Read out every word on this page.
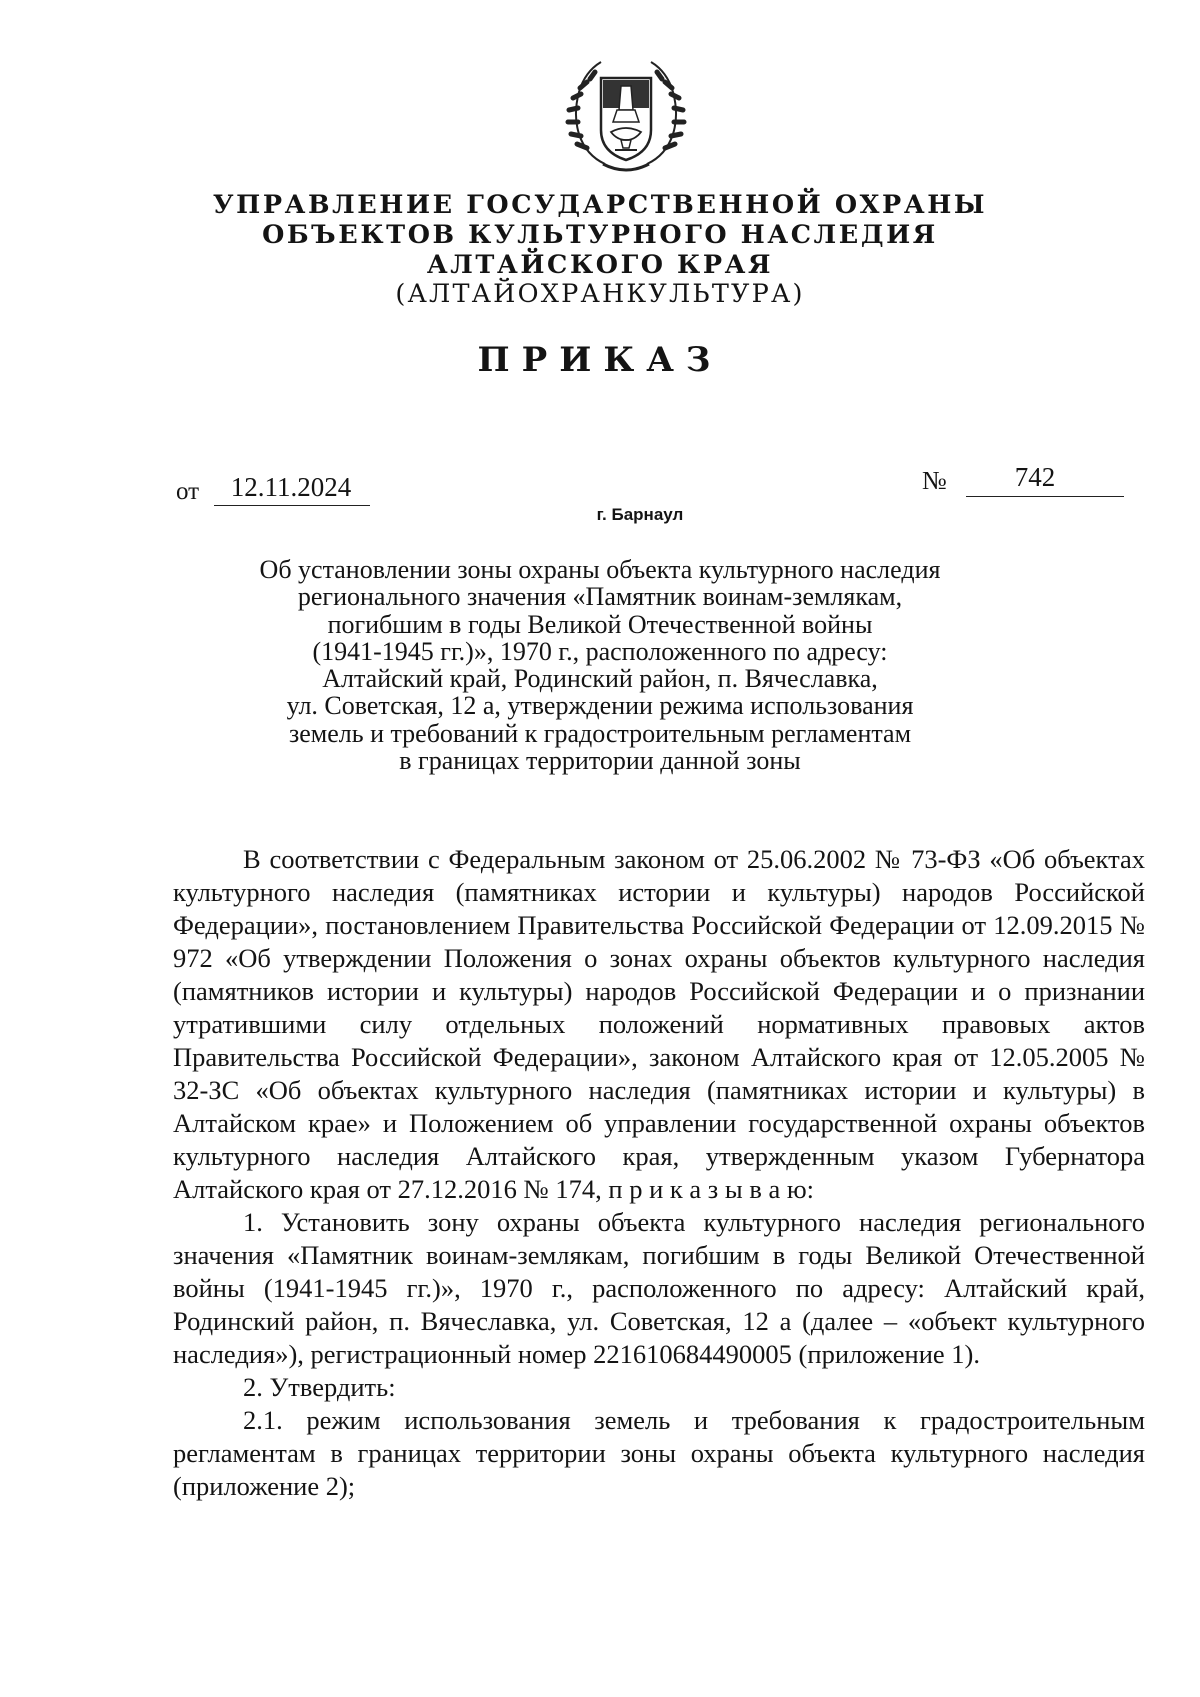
УПРАВЛЕНИЕ ГОСУДАРСТВЕННОЙ ОХРАНЫ
ОБЪЕКТОВ КУЛЬТУРНОГО НАСЛЕДИЯ
АЛТАЙСКОГО КРАЯ
(АЛТАЙОХРАНКУЛЬТУРА)
ПРИКАЗ
от	12.11.2024	№	742
г. Барнаул
Об установлении зоны охраны объекта культурного наследия
регионального значения «Памятник воинам-землякам,
погибшим в годы Великой Отечественной войны
(1941-1945 гг.)», 1970 г., расположенного по адресу:
Алтайский край, Родинский район, п. Вячеславка,
ул. Советская, 12 а, утверждении режима использования
земель и требований к градостроительным регламентам
в границах территории данной зоны

В соответствии с Федеральным законом от 25.06.2002 № 73-ФЗ «Об объектах культурного наследия (памятниках истории и культуры) народов Российской Федерации», постановлением Правительства Российской Федерации от 12.09.2015 № 972 «Об утверждении Положения о зонах охраны объектов культурного наследия (памятников истории и культуры) народов Российской Федерации и о признании утратившими силу отдельных положений нормативных правовых актов Правительства Российской Федерации», законом Алтайского края от 12.05.2005 № 32-ЗС «Об объектах культурного наследия (памятниках истории и культуры) в Алтайском крае» и Положением об управлении государственной охраны объектов культурного наследия Алтайского края, утвержденным указом Губернатора Алтайского края от 27.12.2016 № 174, п р и к а з ы в а ю:

1. Установить зону охраны объекта культурного наследия регионального значения «Памятник воинам-землякам, погибшим в годы Великой Отечественной войны (1941-1945 гг.)», 1970 г., расположенного по адресу: Алтайский край, Родинский район, п. Вячеславка, ул. Советская, 12 а (далее – «объект культурного наследия»), регистрационный номер 221610684490005 (приложение 1).

2. Утвердить:

2.1. режим использования земель и требования к градостроительным регламентам в границах территории зоны охраны объекта культурного наследия (приложение 2);
